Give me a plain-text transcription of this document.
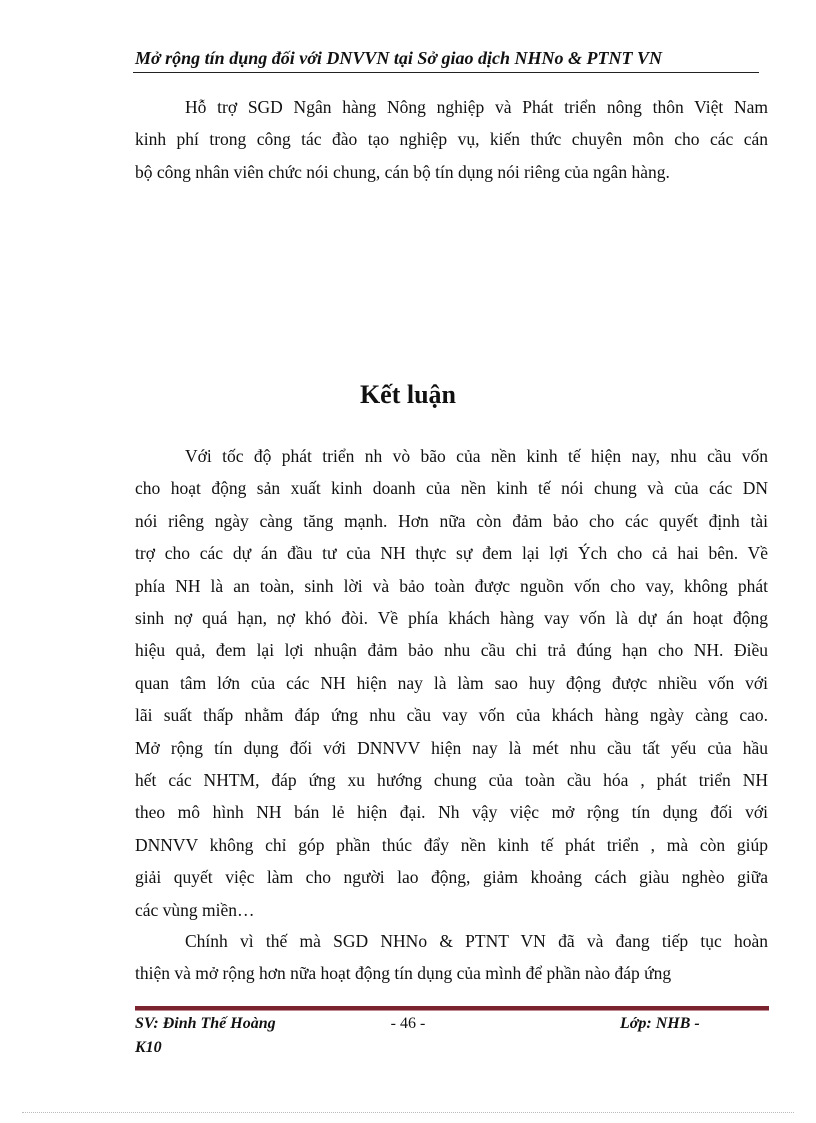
Mở rộng tín dụng đối với DNVVN tại Sở giao dịch NHNo & PTNT VN
Hỗ trợ SGD Ngân hàng Nông nghiệp và Phát triển nông thôn Việt Nam
kinh phí trong công tác đào tạo nghiệp vụ, kiến thức chuyên môn cho các cán
bộ công nhân viên chức nói chung, cán bộ tín dụng nói riêng của ngân hàng.
Kết luận
Với tốc độ phát triển nh vò bão của nền kinh tế hiện nay, nhu cầu vốn
cho hoạt động sản xuất kinh doanh của nền kinh tế nói chung và của các DN
nói riêng ngày càng tăng mạnh. Hơn nữa còn đảm bảo cho các quyết định tài
trợ cho các dự án đầu tư của NH thực sự đem lại lợi Ých cho cả hai bên. Về
phía NH là an toàn, sinh lời và bảo toàn được nguồn vốn cho vay, không phát
sinh nợ quá hạn, nợ khó đòi. Về phía khách hàng vay vốn là dự án hoạt động
hiệu quả, đem lại lợi nhuận đảm bảo nhu cầu chi trả đúng hạn cho NH. Điều
quan tâm lớn của các NH hiện nay là làm sao huy động được nhiều vốn với
lãi suất thấp nhằm đáp ứng nhu cầu vay vốn của khách hàng ngày càng cao.
Mở rộng tín dụng đối với DNNVV hiện nay là mét nhu cầu tất yếu của hầu
hết các NHTM, đáp ứng xu hướng chung của toàn cầu hóa , phát triển NH
theo mô hình NH bán lẻ hiện đại. Nh vậy việc mở rộng tín dụng đối với
DNNVV không chỉ góp phần thúc đẩy nền kinh tế phát triển , mà còn giúp
giải quyết việc làm cho người lao động, giảm khoảng cách giàu nghèo giữa
các vùng miền…
Chính vì thế mà SGD NHNo & PTNT VN đã và đang tiếp tục hoàn
thiện và mở rộng hơn nữa hoạt động tín dụng của mình để phần nào đáp ứng
SV: Đinh Thế Hoàng
K10
- 46 -	Lớp: NHB -
